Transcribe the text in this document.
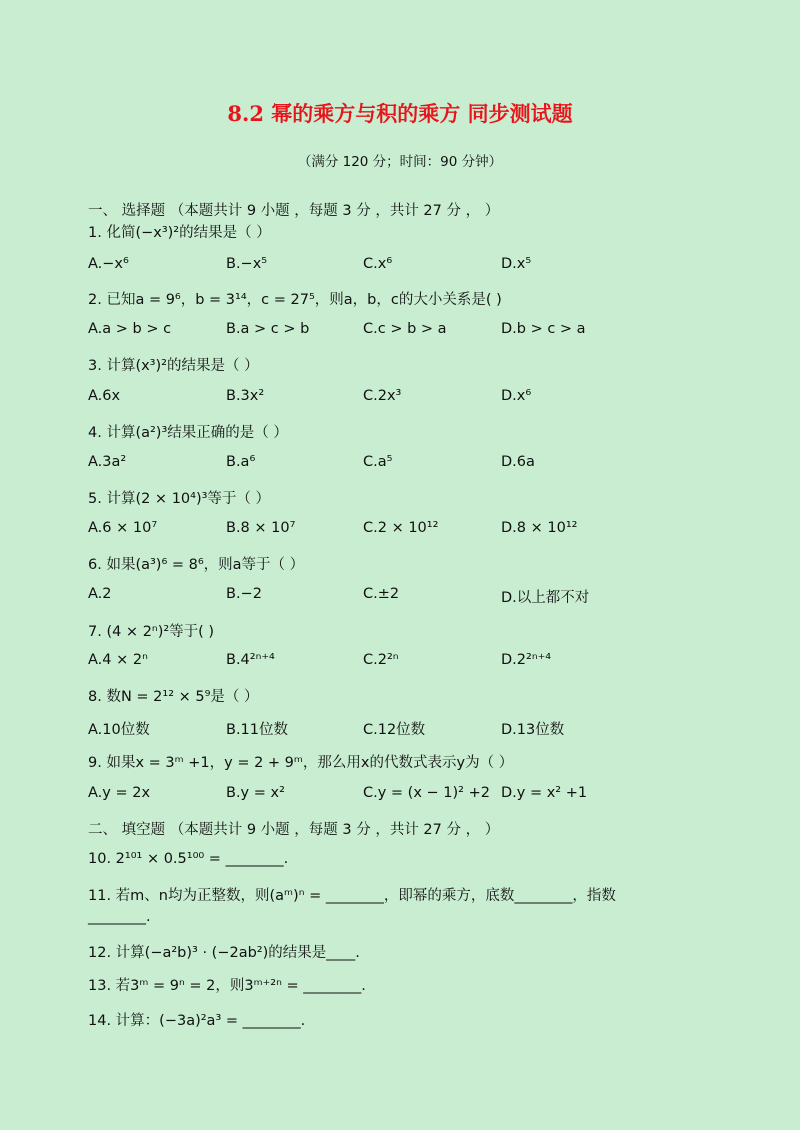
8.2 幂的乘方与积的乘方 同步测试题
（满分 120 分；时间：90 分钟）
一、 选择题 （本题共计 9 小题 ，每题 3 分 ，共计 27 分 ， ）
1. 化简(−x³)²的结果是（ ）
A.−x⁶	B.−x⁵	C.x⁶	D.x⁵
2. 已知a = 9⁶，b = 3¹⁴，c = 27⁵，则a，b，c的大小关系是( )
A.a > b > c	B.a > c > b	C.c > b > a	D.b > c > a
3. 计算(x³)²的结果是（ ）
A.6x	B.3x²	C.2x³	D.x⁶
4. 计算(a²)³结果正确的是（ ）
A.3a²	B.a⁶	C.a⁵	D.6a
5. 计算(2 × 10⁴)³等于（ ）
A.6 × 10⁷	B.8 × 10⁷	C.2 × 10¹²	D.8 × 10¹²
6. 如果(a³)⁶ = 8⁶，则a等于（ ）
A.2	B.−2	C.±2	D.以上都不对
7. (4 × 2ⁿ)²等于( )
A.4 × 2ⁿ	B.4²ⁿ⁺⁴	C.2²ⁿ	D.2²ⁿ⁺⁴
8. 数N = 2¹² × 5⁹是（ ）
A.10位数	B.11位数	C.12位数	D.13位数
9. 如果x = 3ᵐ +1，y = 2 + 9ᵐ，那么用x的代数式表示y为（ ）
A.y = 2x	B.y = x²	C.y = (x − 1)² +2 D.y = x² +1
二、 填空题 （本题共计 9 小题 ，每题 3 分 ，共计 27 分 ， ）
10. 2¹⁰¹ × 0.5¹⁰⁰ = ________.
11. 若m、n均为正整数，则(aᵐ)ⁿ = ________，即幂的乘方，底数________，指数
________.
12. 计算(−a²b)³ · (−2ab²)的结果是____.
13. 若3ᵐ = 9ⁿ = 2，则3ᵐ⁺²ⁿ = ________.
14. 计算：(−3a)²a³ = ________.
